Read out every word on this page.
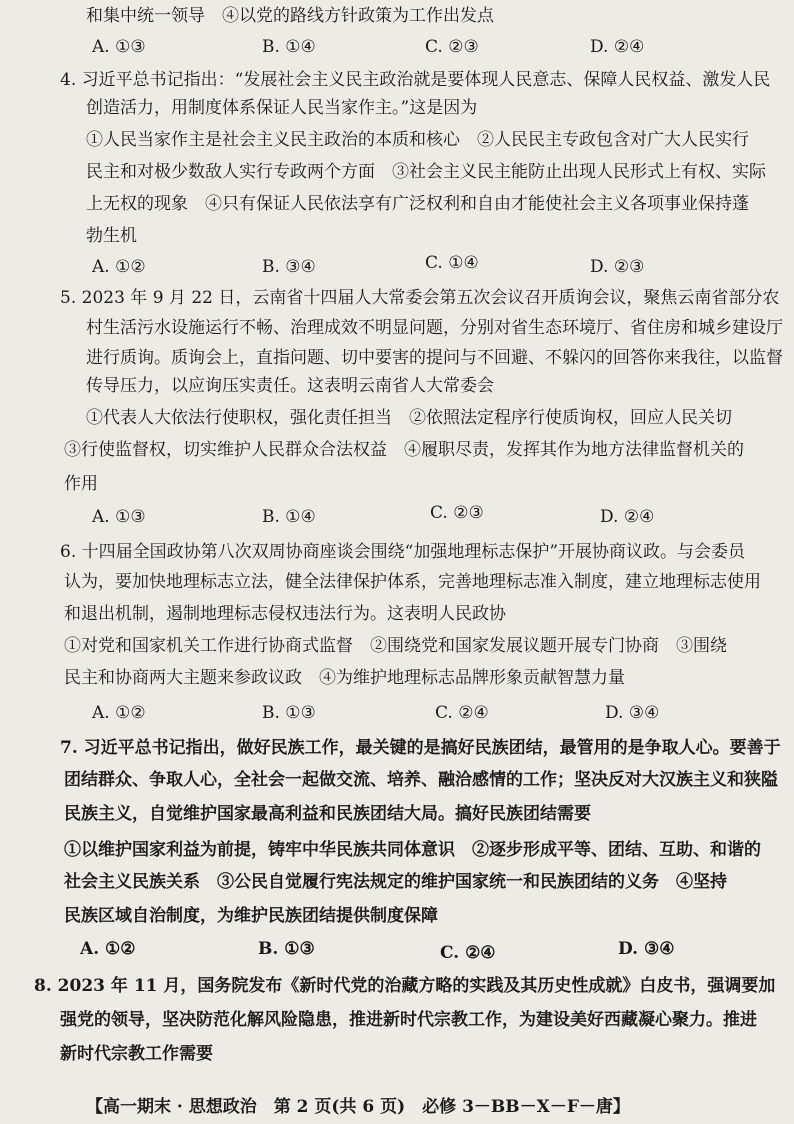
和集中统一领导　④以党的路线方针政策为工作出发点
A. ①③	B. ①④	C. ②③	D. ②④
4. 习近平总书记指出：“发展社会主义民主政治就是要体现人民意志、保障人民权益、激发人民
创造活力，用制度体系保证人民当家作主。”这是因为
①人民当家作主是社会主义民主政治的本质和核心　②人民民主专政包含对广大人民实行
民主和对极少数敌人实行专政两个方面　③社会主义民主能防止出现人民形式上有权、实际
上无权的现象　④只有保证人民依法享有广泛权利和自由才能使社会主义各项事业保持蓬
勃生机
A. ①②	B. ③④	C. ①④	D. ②③
5. 2023 年 9 月 22 日，云南省十四届人大常委会第五次会议召开质询会议，聚焦云南省部分农
村生活污水设施运行不畅、治理成效不明显问题，分别对省生态环境厅、省住房和城乡建设厅
进行质询。质询会上，直指问题、切中要害的提问与不回避、不躲闪的回答你来我往，以监督
传导压力，以应询压实责任。这表明云南省人大常委会
①代表人大依法行使职权，强化责任担当　②依照法定程序行使质询权，回应人民关切
③行使监督权，切实维护人民群众合法权益　④履职尽责，发挥其作为地方法律监督机关的
作用
A. ①③	B. ①④	C. ②③	D. ②④
6. 十四届全国政协第八次双周协商座谈会围绕“加强地理标志保护”开展协商议政。与会委员
认为，要加快地理标志立法，健全法律保护体系，完善地理标志准入制度，建立地理标志使用
和退出机制，遏制地理标志侵权违法行为。这表明人民政协
①对党和国家机关工作进行协商式监督　②围绕党和国家发展议题开展专门协商　③围绕
民主和协商两大主题来参政议政　④为维护地理标志品牌形象贡献智慧力量
A. ①②	B. ①③	C. ②④	D. ③④
7. 习近平总书记指出，做好民族工作，最关键的是搞好民族团结，最管用的是争取人心。要善于
团结群众、争取人心，全社会一起做交流、培养、融洽感情的工作；坚决反对大汉族主义和狭隘
民族主义，自觉维护国家最高利益和民族团结大局。搞好民族团结需要
①以维护国家利益为前提，铸牢中华民族共同体意识　②逐步形成平等、团结、互助、和谐的
社会主义民族关系　③公民自觉履行宪法规定的维护国家统一和民族团结的义务　④坚持
民族区域自治制度，为维护民族团结提供制度保障
A. ①②	B. ①③	C. ②④	D. ③④
8. 2023 年 11 月，国务院发布《新时代党的治藏方略的实践及其历史性成就》白皮书，强调要加
强党的领导，坚决防范化解风险隐患，推进新时代宗教工作，为建设美好西藏凝心聚力。推进
新时代宗教工作需要
【高一期末 · 思想政治　第 2 页(共 6 页)　必修 3－BB－X－F－唐】
